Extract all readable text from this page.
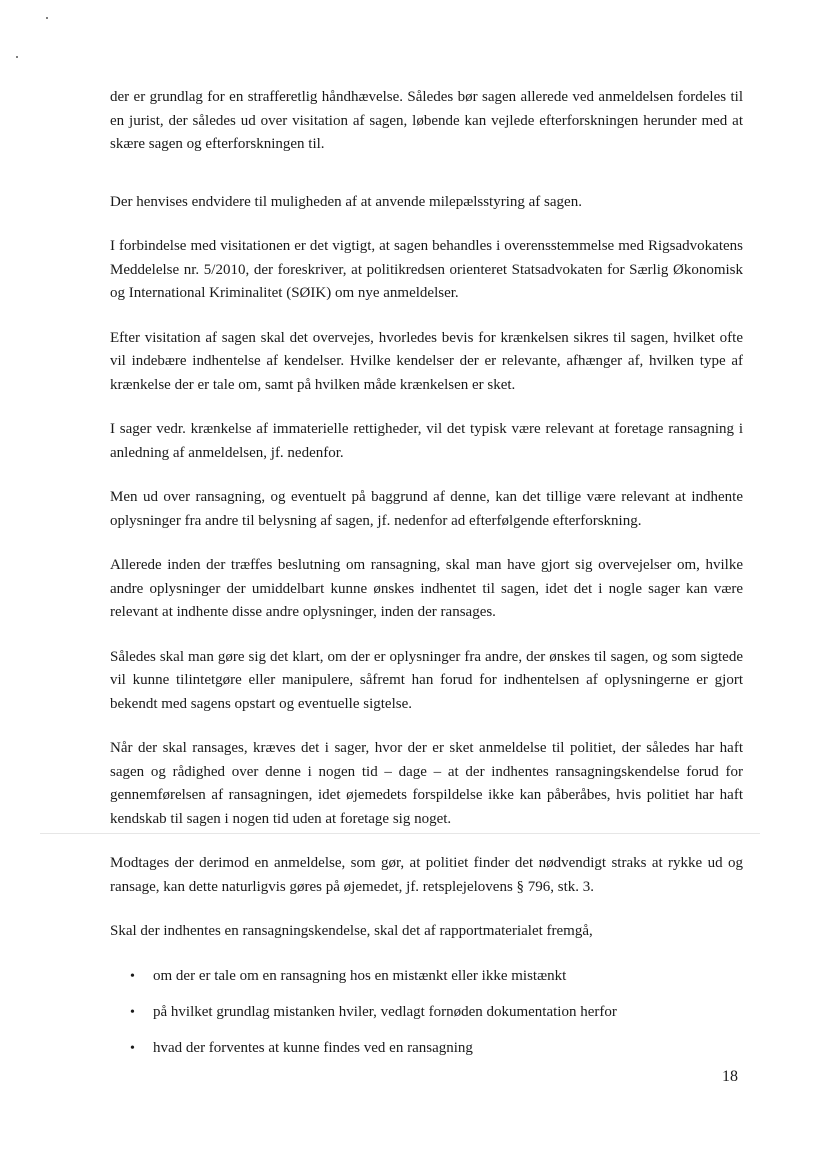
der er grundlag for en strafferetlig håndhævelse. Således bør sagen allerede ved anmeldelsen fordeles til en jurist, der således ud over visitation af sagen, løbende kan vejlede efterforskningen herunder med at skære sagen og efterforskningen til.

Der henvises endvidere til muligheden af at anvende milepælsstyring af sagen.

I forbindelse med visitationen er det vigtigt, at sagen behandles i overensstemmelse med Rigsadvokatens Meddelelse nr. 5/2010, der foreskriver, at politikredsen orienteret Statsadvokaten for Særlig Økonomisk og International Kriminalitet (SØIK) om nye anmeldelser.

Efter visitation af sagen skal det overvejes, hvorledes bevis for krænkelsen sikres til sagen, hvilket ofte vil indebære indhentelse af kendelser. Hvilke kendelser der er relevante, afhænger af, hvilken type af krænkelse der er tale om, samt på hvilken måde krænkelsen er sket.

I sager vedr. krænkelse af immaterielle rettigheder, vil det typisk være relevant at foretage ransagning i anledning af anmeldelsen, jf. nedenfor.

Men ud over ransagning, og eventuelt på baggrund af denne, kan det tillige være relevant at indhente oplysninger fra andre til belysning af sagen, jf. nedenfor ad efterfølgende efterforskning.

Allerede inden der træffes beslutning om ransagning, skal man have gjort sig overvejelser om, hvilke andre oplysninger der umiddelbart kunne ønskes indhentet til sagen, idet det i nogle sager kan være relevant at indhente disse andre oplysninger, inden der ransages.

Således skal man gøre sig det klart, om der er oplysninger fra andre, der ønskes til sagen, og som sigtede vil kunne tilintetgøre eller manipulere, såfremt han forud for indhentelsen af oplysningerne er gjort bekendt med sagens opstart og eventuelle sigtelse.

Når der skal ransages, kræves det i sager, hvor der er sket anmeldelse til politiet, der således har haft sagen og rådighed over denne i nogen tid – dage – at der indhentes ransagningskendelse forud for gennemførelsen af ransagningen, idet øjemedets forspildelse ikke kan påberåbes, hvis politiet har haft kendskab til sagen i nogen tid uden at foretage sig noget.

Modtages der derimod en anmeldelse, som gør, at politiet finder det nødvendigt straks at rykke ud og ransage, kan dette naturligvis gøres på øjemedet, jf. retsplejelovens § 796, stk. 3.

Skal der indhentes en ransagningskendelse, skal det af rapportmaterialet fremgå,

• om der er tale om en ransagning hos en mistænkt eller ikke mistænkt
• på hvilket grundlag mistanken hviler, vedlagt fornøden dokumentation herfor
• hvad der forventes at kunne findes ved en ransagning
18
